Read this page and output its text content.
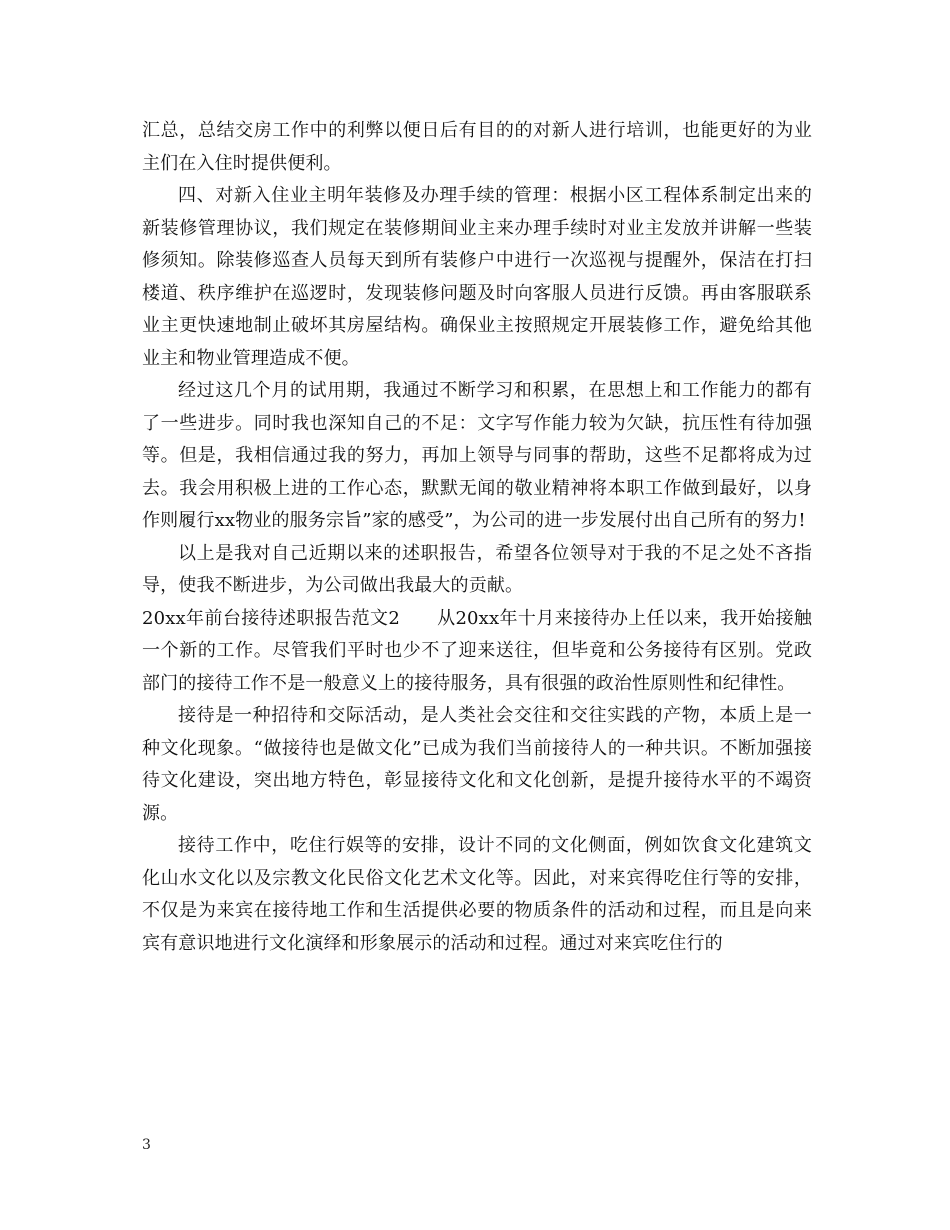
汇总，总结交房工作中的利弊以便日后有目的的对新人进行培训，也能更好的为业主们在入住时提供便利。

四、对新入住业主明年装修及办理手续的管理：根据小区工程体系制定出来的新装修管理协议，我们规定在装修期间业主来办理手续时对业主发放并讲解一些装修须知。除装修巡查人员每天到所有装修户中进行一次巡视与提醒外，保洁在打扫楼道、秩序维护在巡逻时，发现装修问题及时向客服人员进行反馈。再由客服联系业主更快速地制止破坏其房屋结构。确保业主按照规定开展装修工作，避免给其他业主和物业管理造成不便。

经过这几个月的试用期，我通过不断学习和积累，在思想上和工作能力的都有了一些进步。同时我也深知自己的不足：文字写作能力较为欠缺，抗压性有待加强等。但是，我相信通过我的努力，再加上领导与同事的帮助，这些不足都将成为过去。我会用积极上进的工作心态，默默无闻的敬业精神将本职工作做到最好，以身作则履行xx物业的服务宗旨”家的感受”，为公司的进一步发展付出自己所有的努力!

以上是我对自己近期以来的述职报告，希望各位领导对于我的不足之处不吝指导，使我不断进步，为公司做出我最大的贡献。

20xx年前台接待述职报告范文2　　 从20xx年十月来接待办上任以来，我开始接触一个新的工作。尽管我们平时也少不了迎来送往，但毕竟和公务接待有区别。党政部门的接待工作不是一般意义上的接待服务，具有很强的政治性原则性和纪律性。

接待是一种招待和交际活动，是人类社会交往和交往实践的产物，本质上是一种文化现象。“做接待也是做文化”已成为我们当前接待人的一种共识。不断加强接待文化建设，突出地方特色，彰显接待文化和文化创新，是提升接待水平的不竭资源。

接待工作中，吃住行娱等的安排，设计不同的文化侧面，例如饮食文化建筑文化山水文化以及宗教文化民俗文化艺术文化等。因此，对来宾得吃住行等的安排，不仅是为来宾在接待地工作和生活提供必要的物质条件的活动和过程，而且是向来宾有意识地进行文化演绎和形象展示的活动和过程。通过对来宾吃住行的

3
